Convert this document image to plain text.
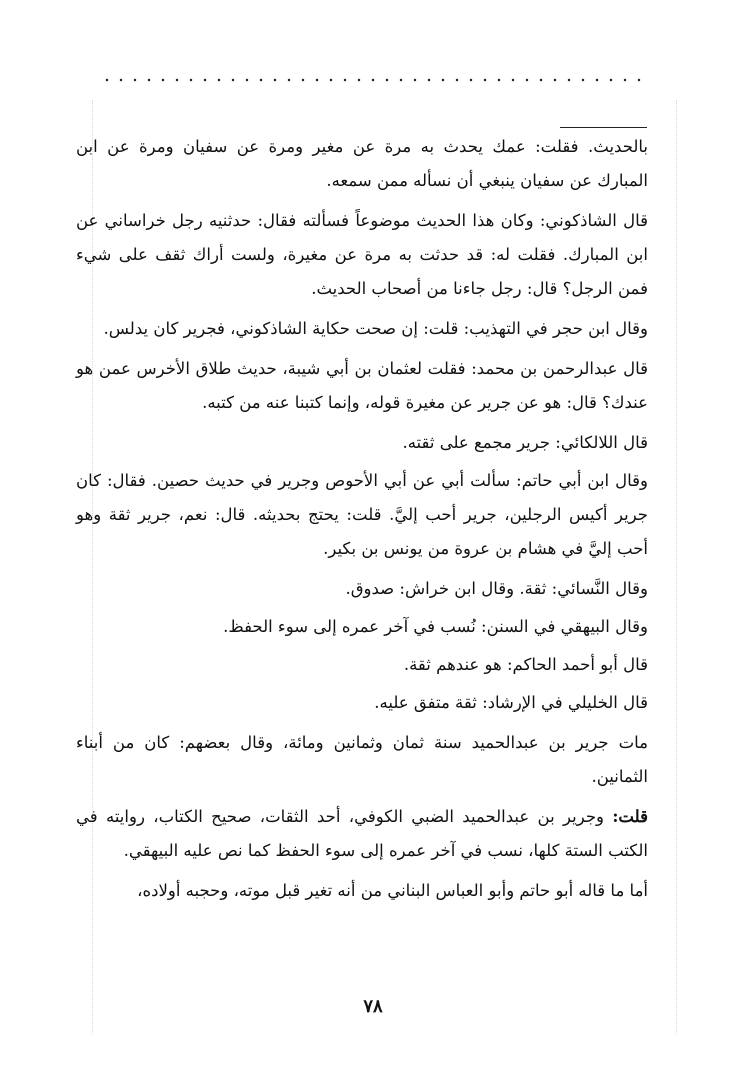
بالحديث. فقلت: عمك يحدث به مرة عن مغير ومرة عن سفيان ومرة عن ابن المبارك عن سفيان ينبغي أن نسأله ممن سمعه.

قال الشاذكوني: وكان هذا الحديث موضوعاً فسألته فقال: حدثنيه رجل خراساني عن ابن المبارك. فقلت له: قد حدثت به مرة عن مغيرة، ولست أراك ثقف على شيء فمن الرجل؟ قال: رجل جاءنا من أصحاب الحديث.

وقال ابن حجر في التهذيب: قلت: إن صحت حكاية الشاذكوني، فجرير كان يدلس.

قال عبدالرحمن بن محمد: فقلت لعثمان بن أبي شيبة، حديث طلاق الأخرس عمن هو عندك؟ قال: هو عن جرير عن مغيرة قوله، وإنما كتبنا عنه من كتبه.

قال اللالكائي: جرير مجمع على ثقته.

وقال ابن أبي حاتم: سألت أبي عن أبي الأحوص وجرير في حديث حصين. فقال: كان جرير أكيس الرجلين، جرير أحب إليَّ. قلت: يحتج بحديثه. قال: نعم، جرير ثقة وهو أحب إليَّ في هشام بن عروة من يونس بن بكير.

وقال النَّسائي: ثقة. وقال ابن خراش: صدوق.

وقال البيهقي في السنن: نُسب في آخر عمره إلى سوء الحفظ.

قال أبو أحمد الحاكم: هو عندهم ثقة.

قال الخليلي في الإرشاد: ثقة متفق عليه.

مات جرير بن عبدالحميد سنة ثمان وثمانين ومائة، وقال بعضهم: كان من أبناء الثمانين.

قلت: وجرير بن عبدالحميد الضبي الكوفي، أحد الثقات، صحيح الكتاب، روايته في الكتب الستة كلها، نسب في آخر عمره إلى سوء الحفظ كما نص عليه البيهقي.

أما ما قاله أبو حاتم وأبو العباس البناني من أنه تغير قبل موته، وحجبه أولاده،

٧٨
